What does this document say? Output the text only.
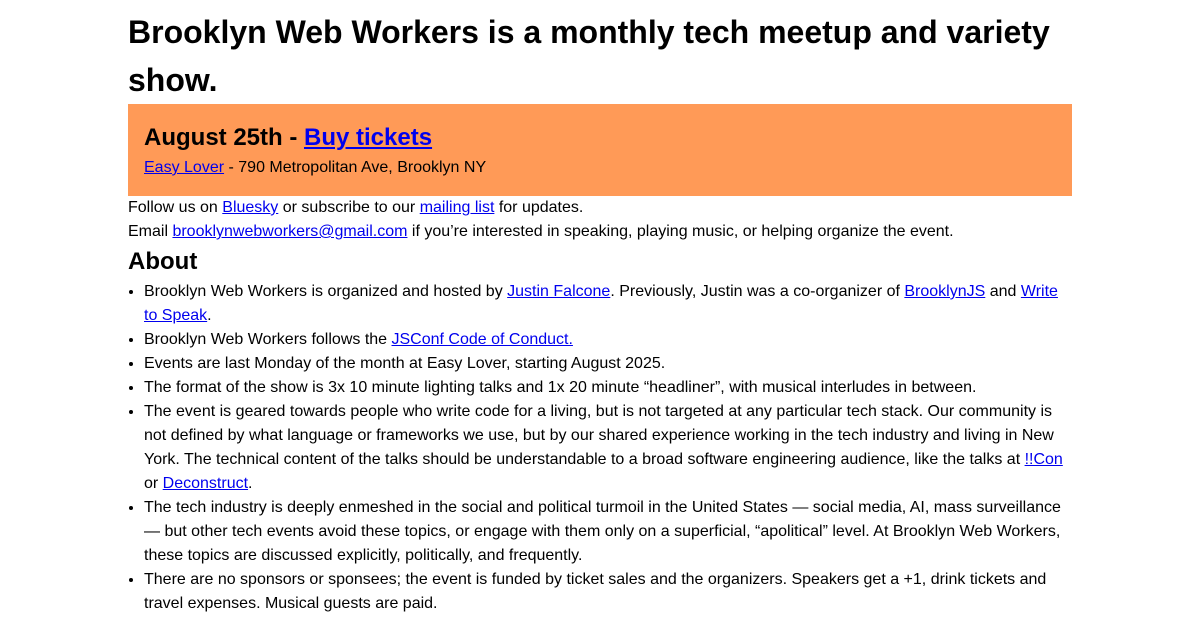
Brooklyn Web Workers is a monthly tech meetup and variety show.
August 25th - Buy tickets

Easy Lover - 790 Metropolitan Ave, Brooklyn NY

Follow us on Bluesky or subscribe to our mailing list for updates.

Email brooklynwebworkers@gmail.com if you’re interested in speaking, playing music, or helping organize the event.

About
• Brooklyn Web Workers is organized and hosted by Justin Falcone. Previously, Justin was a co-organizer of BrooklynJS and Write to Speak.
• Brooklyn Web Workers follows the JSConf Code of Conduct.
• Events are last Monday of the month at Easy Lover, starting August 2025.
• The format of the show is 3x 10 minute lighting talks and 1x 20 minute “headliner”, with musical interludes in between.
• The event is geared towards people who write code for a living, but is not targeted at any particular tech stack. Our community is not defined by what language or frameworks we use, but by our shared experience working in the tech industry and living in New York. The technical content of the talks should be understandable to a broad software engineering audience, like the talks at !!Con or Deconstruct.
• The tech industry is deeply enmeshed in the social and political turmoil in the United States — social media, AI, mass surveillance — but other tech events avoid these topics, or engage with them only on a superficial, “apolitical” level. At Brooklyn Web Workers, these topics are discussed explicitly, politically, and frequently.
• There are no sponsors or sponsees; the event is funded by ticket sales and the organizers. Speakers get a +1, drink tickets and travel expenses. Musical guests are paid.
